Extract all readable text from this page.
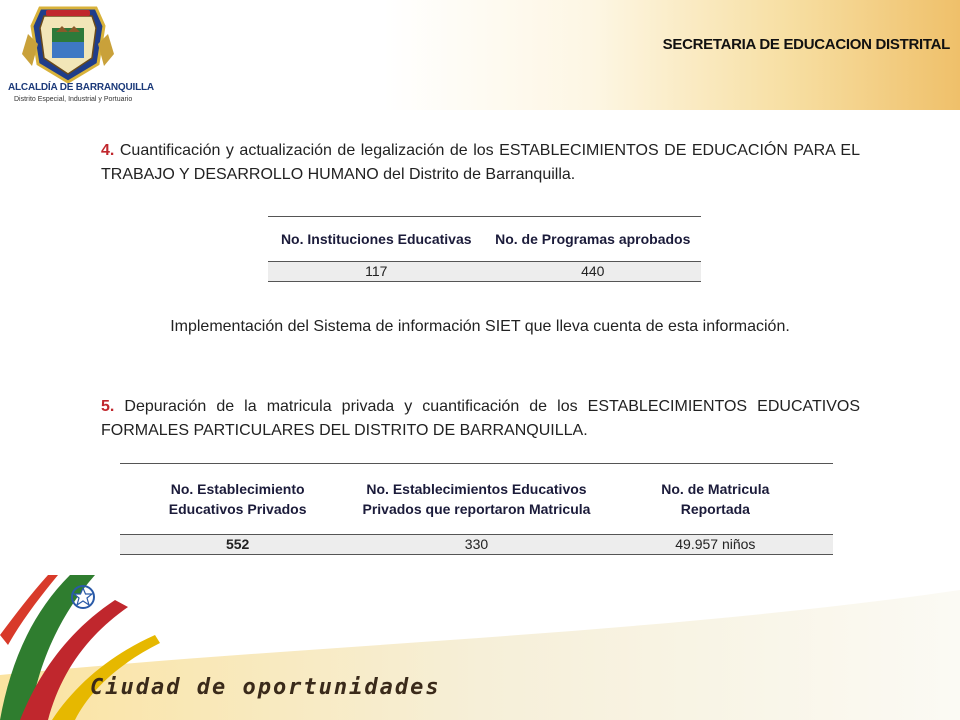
ALCALDÍA DE BARRANQUILLA
Distrito Especial, Industrial y Portuario
SECRETARIA DE EDUCACION DISTRITAL
4. Cuantificación y actualización de legalización de los ESTABLECIMIENTOS DE EDUCACIÓN PARA EL TRABAJO Y DESARROLLO HUMANO del Distrito de Barranquilla.
No. Instituciones Educativas	No. de Programas aprobados
117	440
Implementación del Sistema de información SIET que lleva cuenta de esta información.
5. Depuración de la matricula privada y cuantificación de los ESTABLECIMIENTOS EDUCATIVOS FORMALES PARTICULARES DEL DISTRITO DE BARRANQUILLA.
No. Establecimiento Educativos Privados	No. Establecimientos Educativos Privados que reportaron Matricula	No. de Matricula Reportada
552	330	49.957 niños
Ciudad de oportunidades
